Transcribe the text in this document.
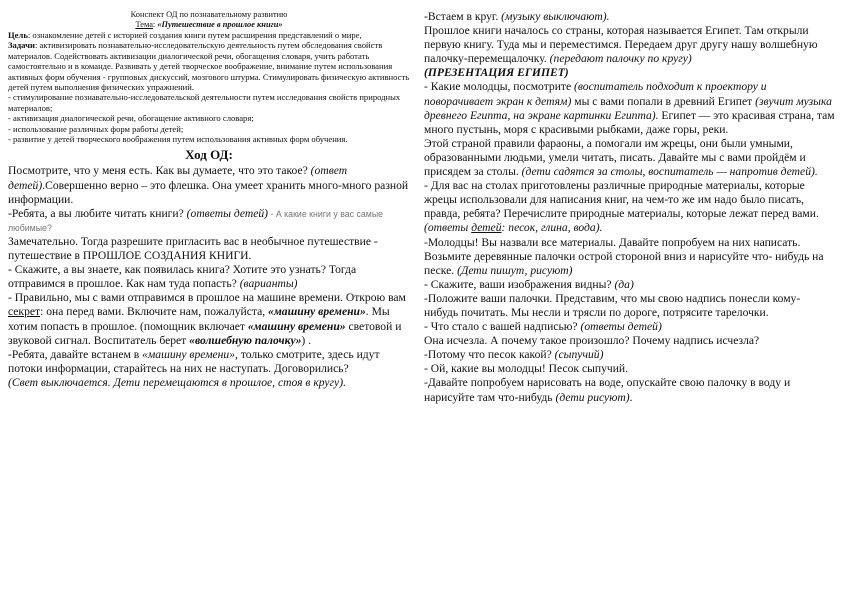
Конспект ОД по познавательному развитию

Тема: «Путешествие в прошлое книги»

Цель: ознакомление детей с историей создания книги путем расширения представлений о мире,

Задачи: активизировать познавательно-исследовательскую деятельность путем обследования свойств материалов. Содействовать активизации диалогической речи, обогащения словаря, учить работать самостоятельно и в команде. Развивать у детей творческое воображение, внимание путем использования активных форм обучения - групповых дискуссий, мозгового штурма. Стимулировать физическую активность детей путем выполнения физических упражнений.

- стимулирование познавательно-исследовательской деятельности путем исследования свойств природных материалов;

- активизация диалогической речи, обогащение активного словаря;

- использование различных форм работы детей;

- развитие у детей творческого воображения путем использования активных форм обучения.

Ход ОД:

Посмотрите, что у меня есть. Как вы думаете, что это такое? (ответ детей).Совершенно верно – это флешка. Она умеет хранить много-много разной информации.

-Ребята, а вы любите читать книги? (ответы детей) - А какие книги у вас самые любимые?

Замечательно. Тогда разрешите пригласить вас в необычное путешествие - путешествие в ПРОШЛОЕ СОЗДАНИЯ КНИГИ.

- Скажите, а вы знаете, как появилась книга? Хотите это узнать? Тогда отправимся в прошлое. Как нам туда попасть? (варианты)

- Правильно, мы с вами отправимся в прошлое на машине времени. Открою вам секрет: она перед вами. Включите нам, пожалуйста, «машину времени». Мы хотим попасть в прошлое. (помощник включает «машину времени» световой и звуковой сигнал. Воспитатель берет «волшебную палочку») .

-Ребята, давайте встанем в «машину времени», только смотрите, здесь идут потоки информации, старайтесь на них не наступать. Договорились?

(Свет выключается. Дети перемещаются в прошлое, стоя в кругу).

-Встаем в круг. (музыку выключают).

Прошлое книги началось со страны, которая называется Египет. Там открыли первую книгу. Туда мы и переместимся. Передаем друг другу нашу волшебную палочку-перемещалочку. (передают палочку по кругу)

(ПРЕЗЕНТАЦИЯ ЕГИПЕТ)

- Какие молодцы, посмотрите (воспитатель подходит к проектору и поворачивает экран к детям) мы с вами попали в древний Египет (звучит музыка древнего Египта, на экране картинки Египта). Египет — это красивая страна, там много пустынь, моря с красивыми рыбками, даже горы, реки.

Этой страной правили фараоны, а помогали им жрецы, они были умными, образованными людьми, умели читать, писать. Давайте мы с вами пройдём и присядем за столы. (дети садятся за столы, воспитатель — напротив детей).

- Для вас на столах приготовлены различные природные материалы, которые жрецы использовали для написания книг, на чем-то же им надо было писать, правда, ребята? Перечислите природные материалы, которые лежат перед вами. (ответы детей: песок, глина, вода).

-Молодцы! Вы назвали все материалы. Давайте попробуем на них написать. Возьмите деревянные палочки острой стороной вниз и нарисуйте что- нибудь на песке. (Дети пишут, рисуют)

- Скажите, ваши изображения видны? (да)

-Положите ваши палочки. Представим, что мы свою надпись понесли кому- нибудь почитать. Мы несли и трясли по дороге, потрясите тарелочки.

- Что стало с вашей надписью? (ответы детей)

Она исчезла. А почему такое произошло? Почему надпись исчезла?

-Потому что песок какой? (сыпучий)

- Ой, какие вы молодцы! Песок сыпучий.

-Давайте попробуем нарисовать на воде, опускайте свою палочку в воду и нарисуйте там что-нибудь (дети рисуют).
